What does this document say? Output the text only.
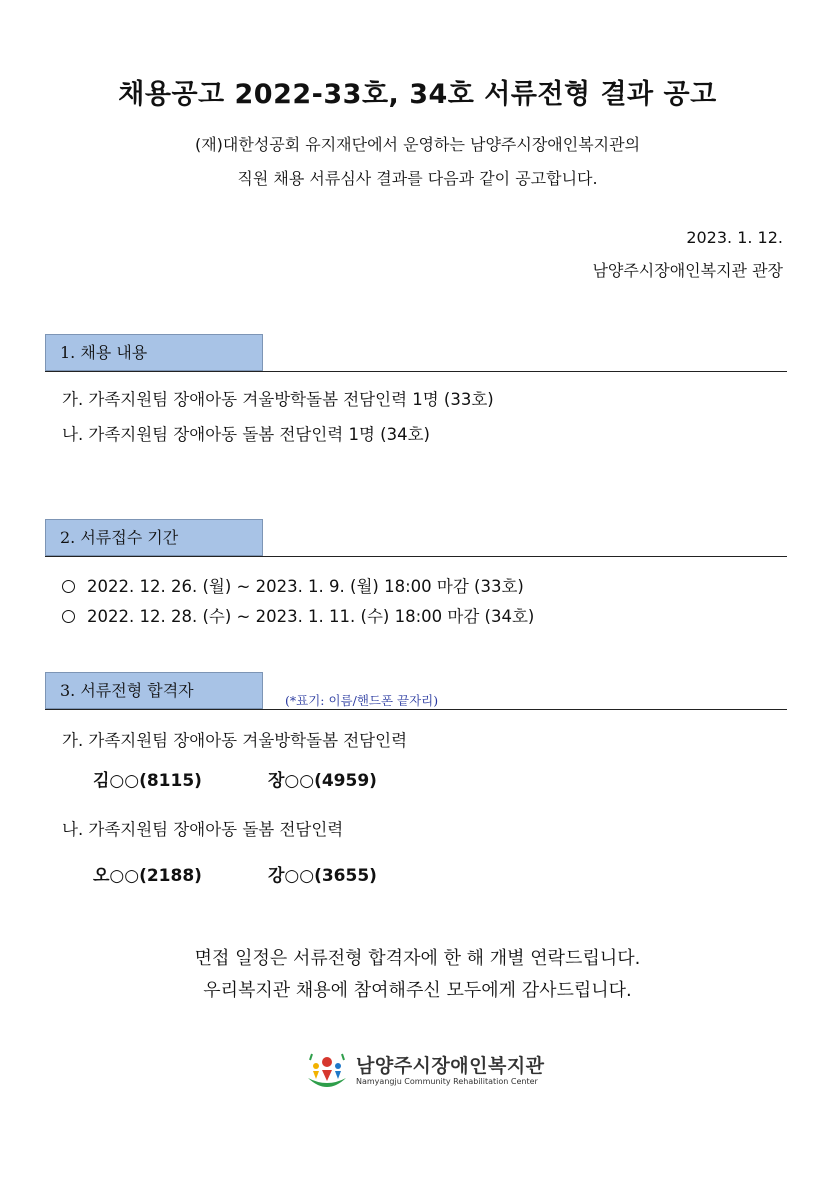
채용공고 2022-33호, 34호 서류전형 결과 공고
(재)대한성공회 유지재단에서 운영하는 남양주시장애인복지관의
직원 채용 서류심사 결과를 다음과 같이 공고합니다.
2023. 1. 12.
남양주시장애인복지관 관장
1. 채용 내용
가. 가족지원팀 장애아동 겨울방학돌봄 전담인력 1명 (33호)
나. 가족지원팀 장애아동 돌봄 전담인력 1명 (34호)
2. 서류접수 기간
2022. 12. 26. (월) ~ 2023. 1. 9. (월) 18:00 마감 (33호)
2022. 12. 28. (수) ~ 2023. 1. 11. (수) 18:00 마감 (34호)
3. 서류전형 합격자
(*표기: 이름/핸드폰 끝자리)
가. 가족지원팀 장애아동 겨울방학돌봄 전담인력
김○○(8115)	장○○(4959)
나. 가족지원팀 장애아동 돌봄 전담인력
오○○(2188)	강○○(3655)
면접 일정은 서류전형 합격자에 한 해 개별 연락드립니다.
우리복지관 채용에 참여해주신 모두에게 감사드립니다.
남양주시장애인복지관
Namyangju Community Rehabilitation Center
